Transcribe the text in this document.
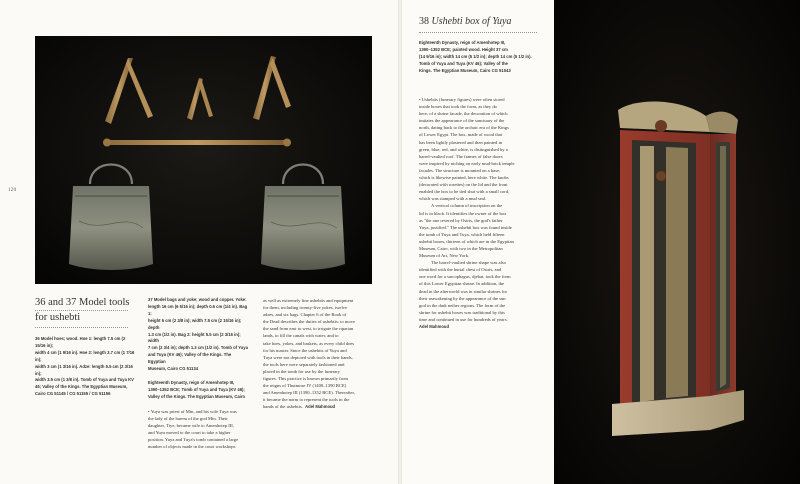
120
36 and 37 Model tools
for ushebti

36 Model hoes; wood. Hoe 1: length 7.5 cm (2 15/16 in);

width 4 cm (1 9/16 in). Hoe 2: length 3.7 cm (1 7/16 in);

width 3 cm (1 3/16 in). Adze: length 5.5 cm (2 3/16 in);

width 3.5 cm (1 3/8 in). Tomb of Yuya and Tuya KV

46; Valley of the Kings. The Egyptian Museum,

Cairo CG 51145 / CG 51155 / CG 51156

37 Model bags and yoke; wood and copper. Yoke:

length 16 cm (6 5/16 in); depth 0.6 cm (1/4 in). Bag 1:

height 6 cm (2 3/8 in); width 7.5 cm (2 15/16 in); depth

1.3 cm (1/2 in). Bag 2: height 5.5 cm (2 3/16 in); width

7 cm (2 3/4 in); depth 1.3 cm (1/2 in). Tomb of Yuya

and Tuya (KV 46); Valley of the Kings. The Egyptian

Museum, Cairo CG 51134

Eighteenth Dynasty, reign of Amenhotep III,

1390–1352 BCE; Tomb of Yuya and Tuya (KV 46);

Valley of the Kings. The Egyptian Museum, Cairo

• Yuya was priest of Min, and his wife Tuya was

the lady of the harem of the god Min. Their

daughter, Tiye, became wife to Amenhotep III,

and Yuya moved to the court to take a higher

position. Yuya and Tuya's tomb contained a large

number of objects made in the court workshops

as well as extremely fine ushebtis and equipment

for them, including twenty-five yokes, twelve

adzes, and six bags. Chapter 6 of the Book of

the Dead describes the duties of ushebtis: to move

the sand from east to west, to irrigate the riparian

lands, to fill the canals with water, and to

take hoes, yokes, and baskets, as every child does

for his master. Since the ushebtis of Yuya and

Tuya were not depicted with tools in their hands,

the tools here were separately fashioned and

placed in the tomb for use by the funerary

figures. This practice is known primarily from

the reigns of Thutmose IV (1400–1390 BCE)

and Amenhotep III (1390–1352 BCE). Thereafter,

it became the norm to represent the tools in the

hands of the ushebtis. Adel Mahmoud

38 Ushebti box of Yuya

Eighteenth Dynasty, reign of Amenhotep III,

1390–1352 BCE; painted wood. Height 37 cm

(14 9/16 in); width 14 cm (5 1/2 in); depth 14 cm (5 1/2 in).

Tomb of Yuya and Tuya (KV 46); Valley of the

Kings. The Egyptian Museum, Cairo CG 51043

• Ushebtis (funerary figures) were often stored

inside boxes that took the form, as they do

here, of a shrine facade, the decoration of which

imitates the appearance of the sanctuary of the

north, dating back to the archaic era of the Kings

of Lower Egypt. The box, made of wood that

has been lightly plastered and then painted in

green, blue, red, and white, is distinguished by a

barrel-vaulted roof. The frames of false doors

were inspired by niching on early mud-brick temple

facades. The structure is mounted on a base,

which is likewise painted, here white. The knobs

(decorated with rosettes) on the lid and the front

enabled the box to be tied shut with a small cord,

which was stamped with a mud seal.

A vertical column of inscription on the

lid is in black. It identifies the owner of the box

as "the one revered by Osiris, the god's father

Yuya, justified." The ushebti box was found inside

the tomb of Yuya and Tuya, which held fifteen

ushebti boxes, thirteen of which are in the Egyptian

Museum, Cairo, with two in the Metropolitan

Museum of Art, New York.

The barrel-vaulted shrine shape was also

identified with the burial chest of Osiris, and

one word for a sarcophagus, djebat, took the form

of this Lower Egyptian shrine. In addition, the

dead in the afterworld was in similar shrines for

their reawakening by the appearance of the sun

god in the dark nether regions. The form of the

shrine for ushebti boxes was traditional by this

time and continued in use for hundreds of years.

Adel Mahmoud
